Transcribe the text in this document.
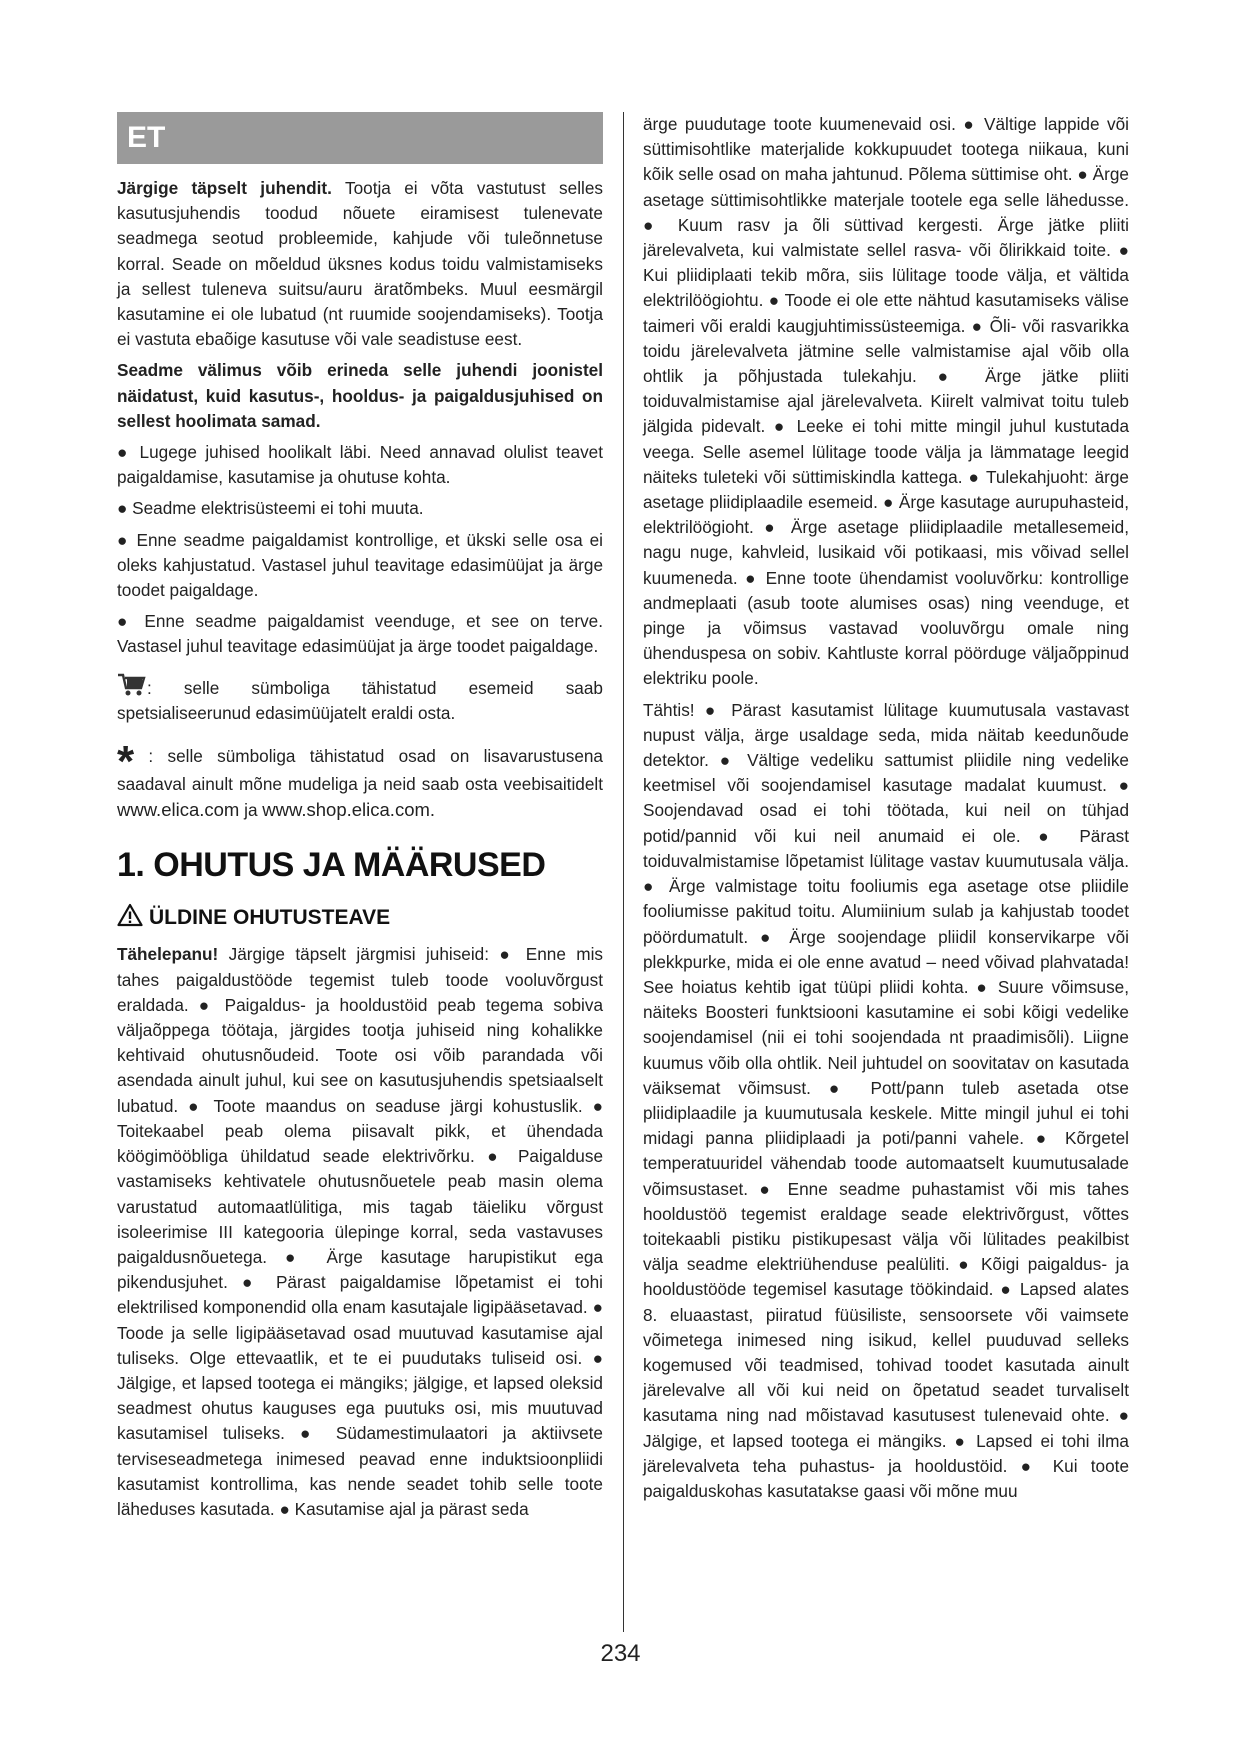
ET

Järgige täpselt juhendit. Tootja ei võta vastutust selles kasutusjuhendis toodud nõuete eiramisest tulenevate seadmega seotud probleemide, kahjude või tuleõnnetuse korral. Seade on mõeldud üksnes kodus toidu valmistamiseks ja sellest tuleneva suitsu/auru äratõmbeks. Muul eesmärgil kasutamine ei ole lubatud (nt ruumide soojendamiseks). Tootja ei vastuta ebaõige kasutuse või vale seadistuse eest.

Seadme välimus võib erineda selle juhendi joonistel näidatust, kuid kasutus-, hooldus- ja paigaldusjuhised on sellest hoolimata samad.

● Lugege juhised hoolikalt läbi. Need annavad olulist teavet paigaldamise, kasutamise ja ohutuse kohta.

● Seadme elektrisüsteemi ei tohi muuta.

● Enne seadme paigaldamist kontrollige, et ükski selle osa ei oleks kahjustatud. Vastasel juhul teavitage edasimüüjat ja ärge toodet paigaldage.

● Enne seadme paigaldamist veenduge, et see on terve. Vastasel juhul teavitage edasimüüjat ja ärge toodet paigaldage.

: selle sümboliga tähistatud esemeid saab spetsialiseerunud edasimüüjatelt eraldi osta.

* : selle sümboliga tähistatud osad on lisavarustusena saadaval ainult mõne mudeliga ja neid saab osta veebisaitidelt www.elica.com ja www.shop.elica.com.

1. OHUTUS JA MÄÄRUSED
ÜLDINE OHUTUSTEAVE

Tähelepanu! Järgige täpselt järgmisi juhiseid: ● Enne mis tahes paigaldustööde tegemist tuleb toode vooluvõrgust eraldada. ● Paigaldus- ja hooldustöid peab tegema sobiva väljaõppega töötaja, järgides tootja juhiseid ning kohalikke kehtivaid ohutusnõudeid. Toote osi võib parandada või asendada ainult juhul, kui see on kasutusjuhendis spetsiaalselt lubatud. ● Toote maandus on seaduse järgi kohustuslik. ● Toitekaabel peab olema piisavalt pikk, et ühendada köögimööbliga ühildatud seade elektrivõrku. ● Paigalduse vastamiseks kehtivatele ohutusnõuetele peab masin olema varustatud automaatlülitiga, mis tagab täieliku võrgust isoleerimise III kategooria ülepinge korral, seda vastavuses paigaldusnõuetega. ● Ärge kasutage harupistikut ega pikendusjuhet. ● Pärast paigaldamise lõpetamist ei tohi elektrilised komponendid olla enam kasutajale ligipääsetavad. ● Toode ja selle ligipääsetavad osad muutuvad kasutamise ajal tuliseks. Olge ettevaatlik, et te ei puudutaks tuliseid osi. ● Jälgige, et lapsed tootega ei mängiks; jälgige, et lapsed oleksid seadmest ohutus kauguses ega puutuks osi, mis muutuvad kasutamisel tuliseks. ● Südamestimulaatori ja aktiivsete terviseseadmetega inimesed peavad enne induktsioonpliidi kasutamist kontrollima, kas nende seadet tohib selle toote läheduses kasutada. ● Kasutamise ajal ja pärast seda

ärge puudutage toote kuumenevaid osi. ● Vältige lappide või süttimisohtlike materjalide kokkupuudet tootega niikaua, kuni kõik selle osad on maha jahtunud. Põlema süttimise oht. ● Ärge asetage süttimisohtlikke materjale tootele ega selle lähedusse. ● Kuum rasv ja õli süttivad kergesti. Ärge jätke pliiti järelevalveta, kui valmistate sellel rasva- või õlirikkaid toite. ● Kui pliidiplaati tekib mõra, siis lülitage toode välja, et vältida elektrilöögiohtu. ● Toode ei ole ette nähtud kasutamiseks välise taimeri või eraldi kaugjuhtimissüsteemiga. ● Õli- või rasvarikka toidu järelevalveta jätmine selle valmistamise ajal võib olla ohtlik ja põhjustada tulekahju. ● Ärge jätke pliiti toiduvalmistamise ajal järelevalveta. Kiirelt valmivat toitu tuleb jälgida pidevalt. ● Leeke ei tohi mitte mingil juhul kustutada veega. Selle asemel lülitage toode välja ja lämmatage leegid näiteks tuleteki või süttimiskindla kattega. ● Tulekahjuoht: ärge asetage pliidiplaadile esemeid. ● Ärge kasutage aurupuhasteid, elektrilöögioht. ● Ärge asetage pliidiplaadile metallesemeid, nagu nuge, kahvleid, lusikaid või potikaasi, mis võivad sellel kuumeneda. ● Enne toote ühendamist vooluvõrku: kontrollige andmeplaati (asub toote alumises osas) ning veenduge, et pinge ja võimsus vastavad vooluvõrgu omale ning ühenduspesa on sobiv. Kahtluste korral pöörduge väljaõppinud elektriku poole.

Tähtis! ● Pärast kasutamist lülitage kuumutusala vastavast nupust välja, ärge usaldage seda, mida näitab keedunõude detektor. ● Vältige vedeliku sattumist pliidile ning vedelike keetmisel või soojendamisel kasutage madalat kuumust. ● Soojendavad osad ei tohi töötada, kui neil on tühjad potid/pannid või kui neil anumaid ei ole. ● Pärast toiduvalmistamise lõpetamist lülitage vastav kuumutusala välja. ● Ärge valmistage toitu fooliumis ega asetage otse pliidile fooliumisse pakitud toitu. Alumiinium sulab ja kahjustab toodet pöördumatult. ● Ärge soojendage pliidil konservikarpe või plekkpurke, mida ei ole enne avatud – need võivad plahvatada! See hoiatus kehtib igat tüüpi pliidi kohta. ● Suure võimsuse, näiteks Boosteri funktsiooni kasutamine ei sobi kõigi vedelike soojendamisel (nii ei tohi soojendada nt praadimisõli). Liigne kuumus võib olla ohtlik. Neil juhtudel on soovitatav on kasutada väiksemat võimsust. ● Pott/pann tuleb asetada otse pliidiplaadile ja kuumutusala keskele. Mitte mingil juhul ei tohi midagi panna pliidiplaadi ja poti/panni vahele. ● Kõrgetel temperatuuridel vähendab toode automaatselt kuumutusalade võimsustaset. ● Enne seadme puhastamist või mis tahes hooldustöö tegemist eraldage seade elektrivõrgust, võttes toitekaabli pistiku pistikupesast välja või lülitades peakilbist välja seadme elektriühenduse pealüliti. ● Kõigi paigaldus- ja hooldustööde tegemisel kasutage töökindaid. ● Lapsed alates 8. eluaastast, piiratud füüsiliste, sensoorsete või vaimsete võimetega inimesed ning isikud, kellel puuduvad selleks kogemused või teadmised, tohivad toodet kasutada ainult järelevalve all või kui neid on õpetatud seadet turvaliselt kasutama ning nad mõistavad kasutusest tulenevaid ohte. ● Jälgige, et lapsed tootega ei mängiks. ● Lapsed ei tohi ilma järelevalveta teha puhastus- ja hooldustöid. ● Kui toote paigalduskohas kasutatakse gaasi või mõne muu

234
